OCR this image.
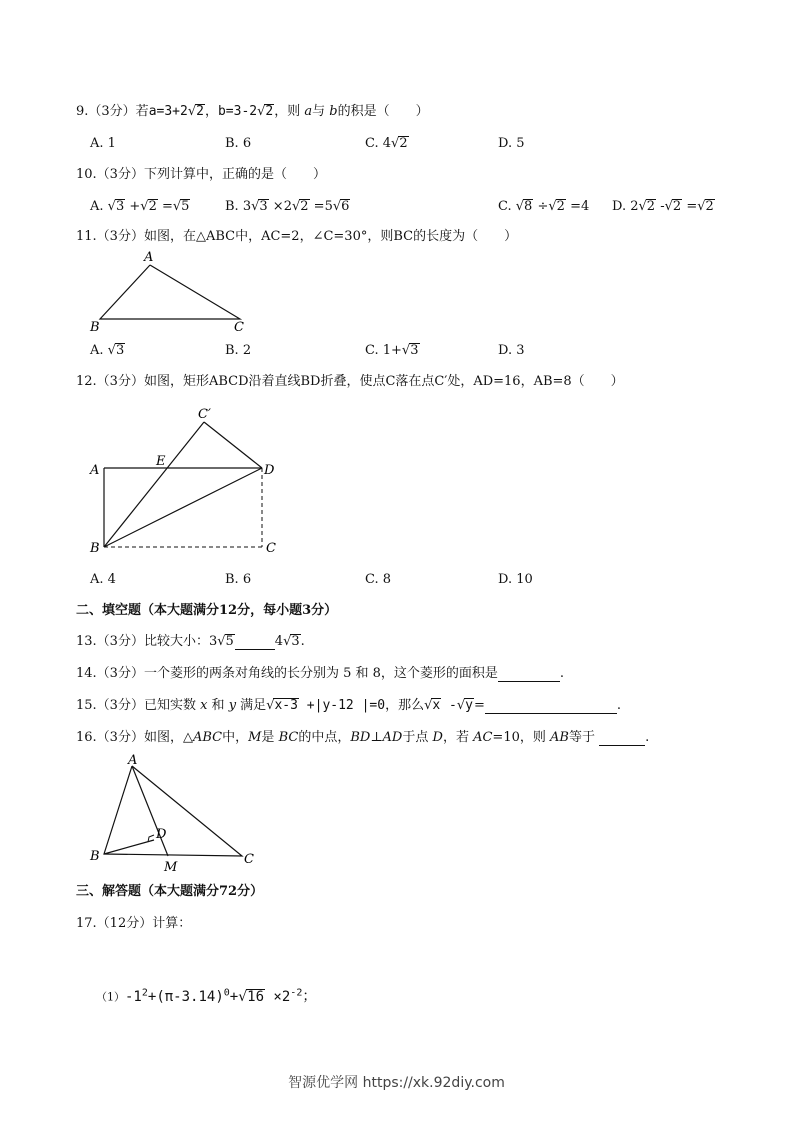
9.（3分）若a=3+2√2，b=3-2√2，则 a与 b的积是（　　）
A. 1	B. 6	C. 4√2	D. 5
10.（3分）下列计算中，正确的是（　　）
A. √3 +√2 =√5	B. 3√3 ×2√2 =5√6	C. √8 ÷√2 =4 D. 2√2 -√2 =√2
11.（3分）如图，在△ABC中，AC=2，∠C=30°，则BC的长度为（　　）
A
B	C
A. √3	B. 2	C. 1+√3	D. 3
12.（3分）如图，矩形ABCD沿着直线BD折叠，使点C落在点C′处，AD=16，AB=8（　　）
C′
A
E
D
B	C
A. 4	B. 6	C. 8	D. 10
二、填空题（本大题满分12分，每小题3分）
13.（3分）比较大小：3√5	4√3.
14.（3分）一个菱形的两条对角线的长分别为 5 和 8，这个菱形的面积是	.
15.（3分）已知实数 x 和 y 满足√x-3 +|y-12 |=0，那么√x -√y=	.
16.（3分）如图，△ABC中，M是 BC的中点，BD⊥AD于点 D，若 AC=10，则 AB等于	.
A
D
B
M
C
三、解答题（本大题满分72分）
17.（12分）计算：
$(1)-1^2+(\pi-3.14)^0+√16 \times 2^{-2}$；
智源优学网 https://xk.92diy.com
